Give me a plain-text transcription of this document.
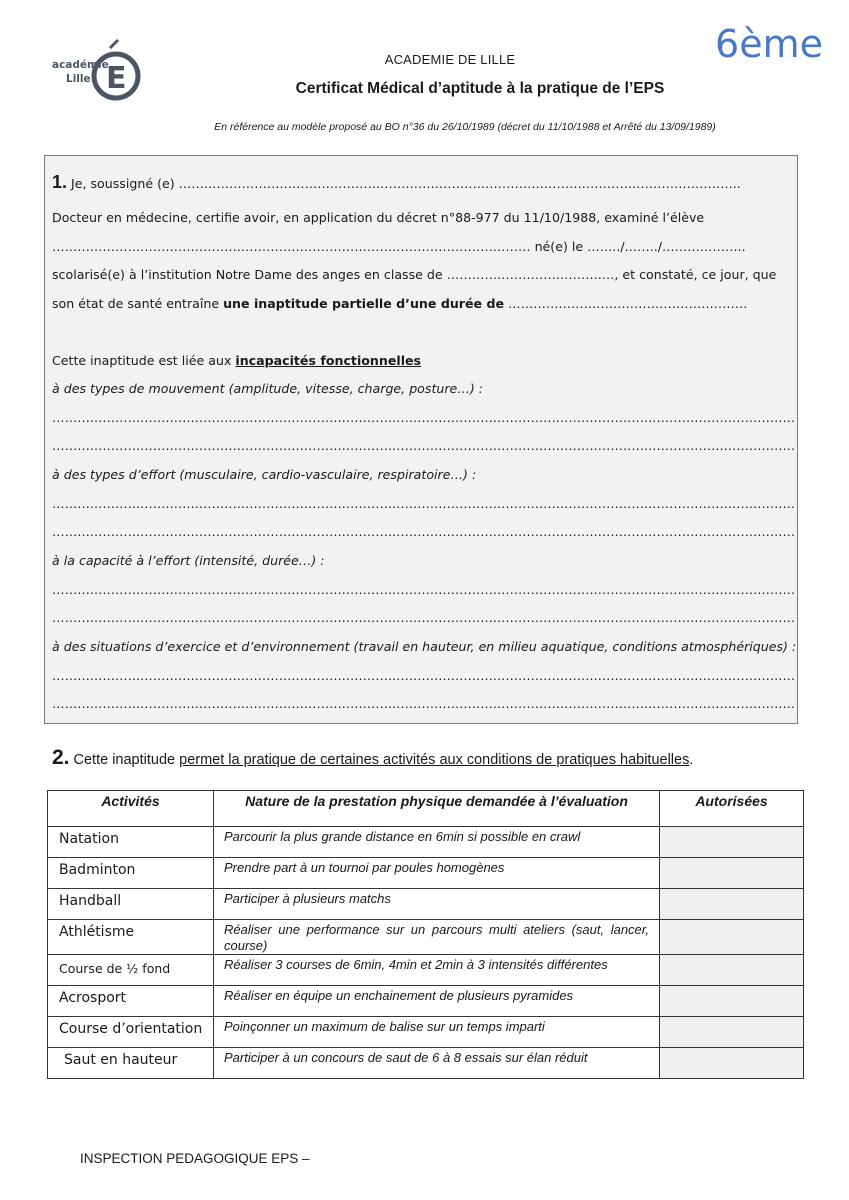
E
académie
Lille
6ème
ACADEMIE DE LILLE
Certificat Médical d’aptitude à la pratique de l’EPS
En référence au modèle proposé au BO n°36 du 26/10/1989 (décret du 11/10/1988 et Arrêté du 13/09/1989)
1. Je, soussigné (e) ……………………………………………………………………………………………………………………..
Docteur en médecine, certifie avoir, en application du décret n°88-977 du 11/10/1988, examiné l’élève
…………………………………………………………………………………………………… né(e) le ……../……../………………..
scolarisé(e) à l’institution Notre Dame des anges en classe de ……………………………….…, et constaté, ce jour, que
son état de santé entraîne une inaptitude partielle d’une durée de …………………………………………………
Cette inaptitude est liée aux incapacités fonctionnelles
à des types de mouvement (amplitude, vitesse, charge, posture…) :
……………………………………………………………………………………………………………………………………………………………
……………………………………………………………………………………………………………………………………………………………
à des types d’effort (musculaire, cardio-vasculaire, respiratoire…) :
……………………………………………………………………………………………………………………………………………………………
……………………………………………………………………………………………………………………………………………………………
à la capacité à l’effort (intensité, durée…) :
……………………………………………………………………………………………………………………………………………………………
……………………………………………………………………………………………………………………………………………………………
à des situations d’exercice et d’environnement (travail en hauteur, en milieu aquatique, conditions atmosphériques) :
……………………………………………………………………………………………………………………………………………………………
……………………………………………………………………………………………………………………………………………………………
2. Cette inaptitude permet la pratique de certaines activités aux conditions de pratiques habituelles.
Activités	Nature de la prestation physique demandée à l’évaluation	Autorisées
Natation	Parcourir la plus grande distance en 6min si possible en crawl	
Badminton	Prendre part à un tournoi par poules homogènes	
Handball	Participer à plusieurs matchs	
Athlétisme	Réaliser une performance sur un parcours multi ateliers (saut, lancer, course)	
Course de ½ fond	Réaliser 3 courses de 6min, 4min et 2min à 3 intensités différentes	
Acrosport	Réaliser en équipe un enchainement de plusieurs pyramides	
Course d’orientation	Poinçonner un maximum de balise sur un temps imparti	
Saut en hauteur	Participer à un concours de saut de 6 à 8 essais sur élan réduit	
INSPECTION PEDAGOGIQUE EPS –
